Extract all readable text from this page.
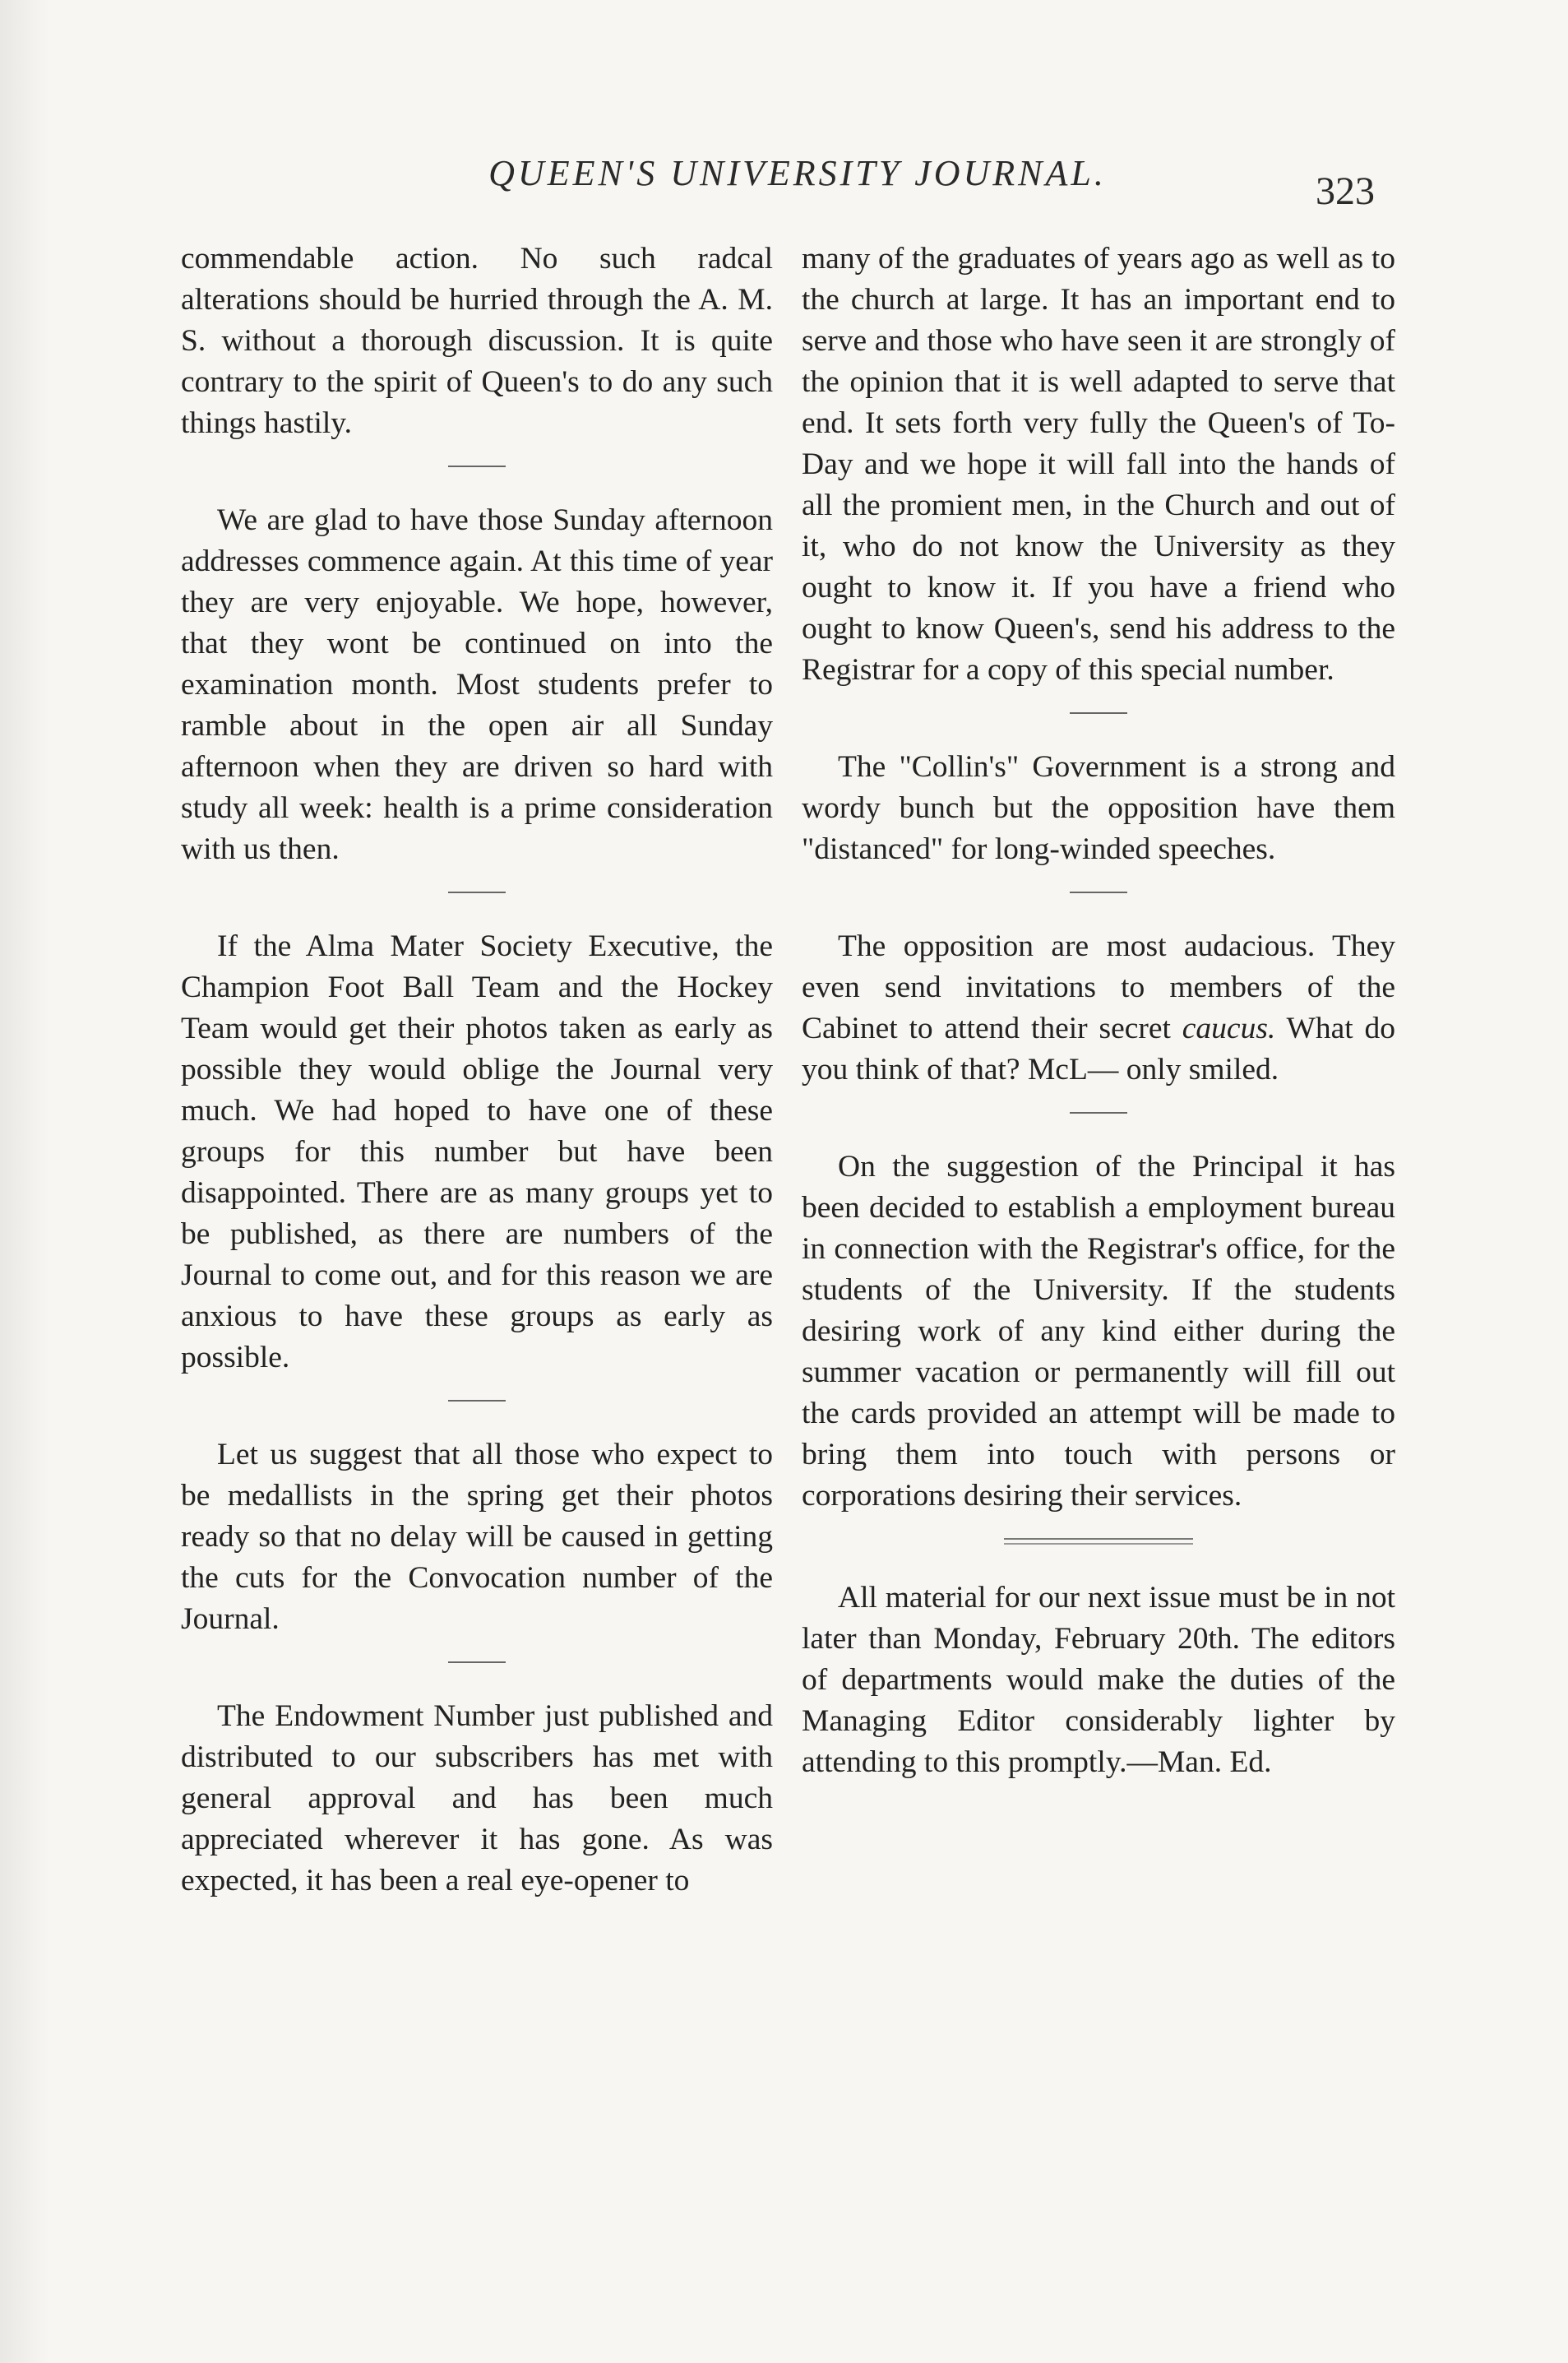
QUEEN'S UNIVERSITY JOURNAL.	323

commendable action. No such radcal alterations should be hurried through the A. M. S. without a thorough discussion. It is quite contrary to the spirit of Queen's to do any such things hastily.

We are glad to have those Sunday afternoon addresses commence again. At this time of year they are very enjoyable. We hope, however, that they wont be continued on into the examination month. Most students prefer to ramble about in the open air all Sunday afternoon when they are driven so hard with study all week: health is a prime consideration with us then.

If the Alma Mater Society Executive, the Champion Foot Ball Team and the Hockey Team would get their photos taken as early as possible they would oblige the Journal very much. We had hoped to have one of these groups for this number but have been disappointed. There are as many groups yet to be published, as there are numbers of the Journal to come out, and for this reason we are anxious to have these groups as early as possible.

Let us suggest that all those who expect to be medallists in the spring get their photos ready so that no delay will be caused in getting the cuts for the Convocation number of the Journal.

The Endowment Number just published and distributed to our subscribers has met with general approval and has been much appreciated wherever it has gone. As was expected, it has been a real eye-opener to

many of the graduates of years ago as well as to the church at large. It has an important end to serve and those who have seen it are strongly of the opinion that it is well adapted to serve that end. It sets forth very fully the Queen's of To-Day and we hope it will fall into the hands of all the promient men, in the Church and out of it, who do not know the University as they ought to know it. If you have a friend who ought to know Queen's, send his address to the Registrar for a copy of this special number.

The "Collin's" Government is a strong and wordy bunch but the opposition have them "distanced" for long-winded speeches.

The opposition are most audacious. They even send invitations to members of the Cabinet to attend their secret caucus. What do you think of that? McL— only smiled.

On the suggestion of the Principal it has been decided to establish a employment bureau in connection with the Registrar's office, for the students of the University. If the students desiring work of any kind either during the summer vacation or permanently will fill out the cards provided an attempt will be made to bring them into touch with persons or corporations desiring their services.

All material for our next issue must be in not later than Monday, February 20th. The editors of departments would make the duties of the Managing Editor considerably lighter by attending to this promptly.—Man. Ed.
